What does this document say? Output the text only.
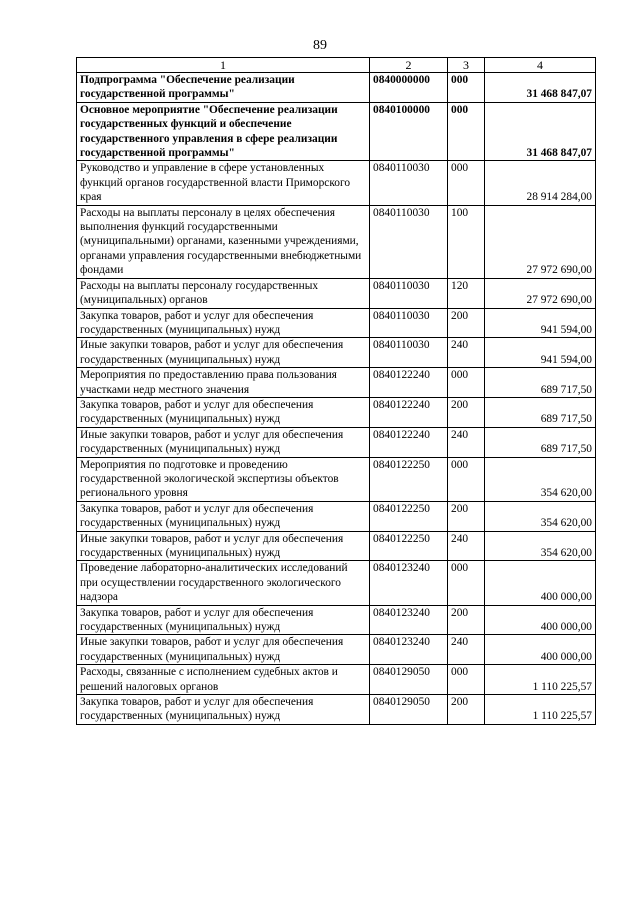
89
1	2	3	4
Подпрограмма "Обеспечение реализации государственной программы"	0840000000	000	31 468 847,07
Основное мероприятие "Обеспечение реализации государственных функций и обеспечение государственного управления в сфере реализации государственной программы"	0840100000	000	31 468 847,07
Руководство и управление в сфере установленных функций органов государственной власти Приморского края	0840110030	000	28 914 284,00
Расходы на выплаты персоналу в целях обеспечения выполнения функций государственными (муниципальными) органами, казенными учреждениями, органами управления государственными внебюджетными фондами	0840110030	100	27 972 690,00
Расходы на выплаты персоналу государственных (муниципальных) органов	0840110030	120	27 972 690,00
Закупка товаров, работ и услуг для обеспечения государственных (муниципальных) нужд	0840110030	200	941 594,00
Иные закупки товаров, работ и услуг для обеспечения государственных (муниципальных) нужд	0840110030	240	941 594,00
Мероприятия по предоставлению права пользования участками недр местного значения	0840122240	000	689 717,50
Закупка товаров, работ и услуг для обеспечения государственных (муниципальных) нужд	0840122240	200	689 717,50
Иные закупки товаров, работ и услуг для обеспечения государственных (муниципальных) нужд	0840122240	240	689 717,50
Мероприятия по подготовке и проведению государственной экологической экспертизы объектов регионального уровня	0840122250	000	354 620,00
Закупка товаров, работ и услуг для обеспечения государственных (муниципальных) нужд	0840122250	200	354 620,00
Иные закупки товаров, работ и услуг для обеспечения государственных (муниципальных) нужд	0840122250	240	354 620,00
Проведение лабораторно-аналитических исследований при осуществлении государственного экологического надзора	0840123240	000	400 000,00
Закупка товаров, работ и услуг для обеспечения государственных (муниципальных) нужд	0840123240	200	400 000,00
Иные закупки товаров, работ и услуг для обеспечения государственных (муниципальных) нужд	0840123240	240	400 000,00
Расходы, связанные с исполнением судебных актов и решений налоговых органов	0840129050	000	1 110 225,57
Закупка товаров, работ и услуг для обеспечения государственных (муниципальных) нужд	0840129050	200	1 110 225,57
